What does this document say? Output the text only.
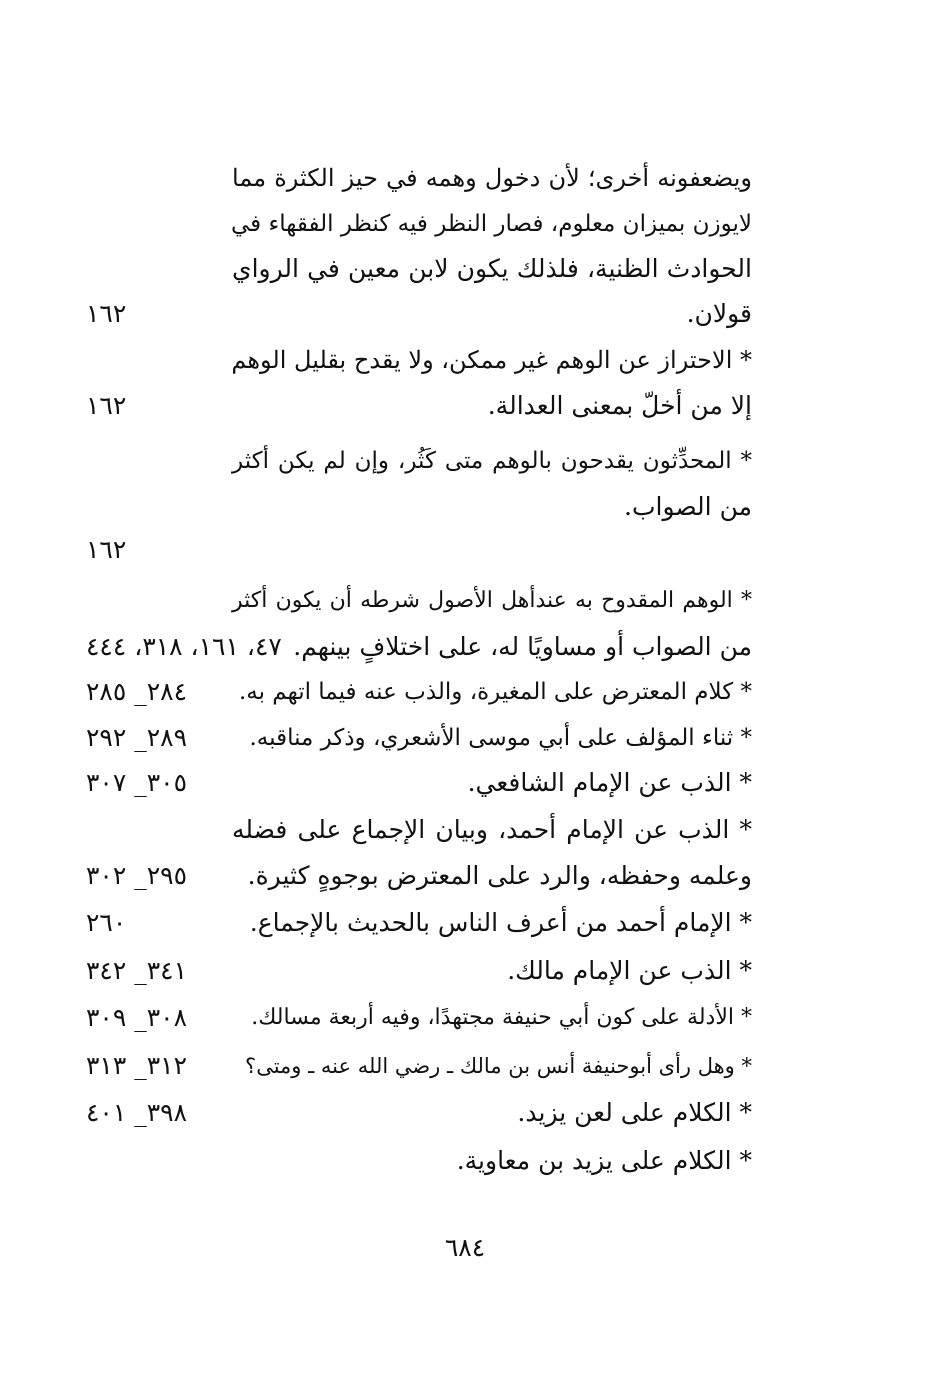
ويضعفونه أخرى؛ لأن دخول وهمه في حيز الكثرة مما
لايوزن بميزان معلوم، فصار النظر فيه كنظر الفقهاء في
الحوادث الظنية، فلذلك يكون لابن معين في الرواي
قولان.
١٦٢
* الاحتراز عن الوهم غير ممكن، ولا يقدح بقليل الوهم
إلا من أخلّ بمعنى العدالة.
١٦٢
* المحدِّثون يقدحون بالوهم متى كَثُر، وإن لم يكن أكثر
من الصواب.
١٦٢
* الوهم المقدوح به عندأهل الأصول شرطه أن يكون أكثر
من الصواب أو مساويًا له، على اختلافٍ بينهم.
٤٧، ١٦١، ٣١٨، ٤٤٤
* كلام المعترض على المغيرة، والذب عنه فيما اتهم به.
٢٨٤_ ٢٨٥
* ثناء المؤلف على أبي موسى الأشعري، وذكر مناقبه.
٢٨٩_ ٢٩٢
* الذب عن الإمام الشافعي.
٣٠٥_ ٣٠٧
* الذب عن الإمام أحمد، وبيان الإجماع على فضله
وعلمه وحفظه، والرد على المعترض بوجوهٍ كثيرة.
٢٩٥_ ٣٠٢
* الإمام أحمد من أعرف الناس بالحديث بالإجماع.
٢٦٠
* الذب عن الإمام مالك.
٣٤١_ ٣٤٢
* الأدلة على كون أبي حنيفة مجتهدًا، وفيه أربعة مسالك.
٣٠٨_ ٣٠٩
* وهل رأى أبوحنيفة أنس بن مالك ـ رضي الله عنه ـ ومتى؟
٣١٢_ ٣١٣
* الكلام على لعن يزيد.
٣٩٨_ ٤٠١
* الكلام على يزيد بن معاوية.
٦٨٤
